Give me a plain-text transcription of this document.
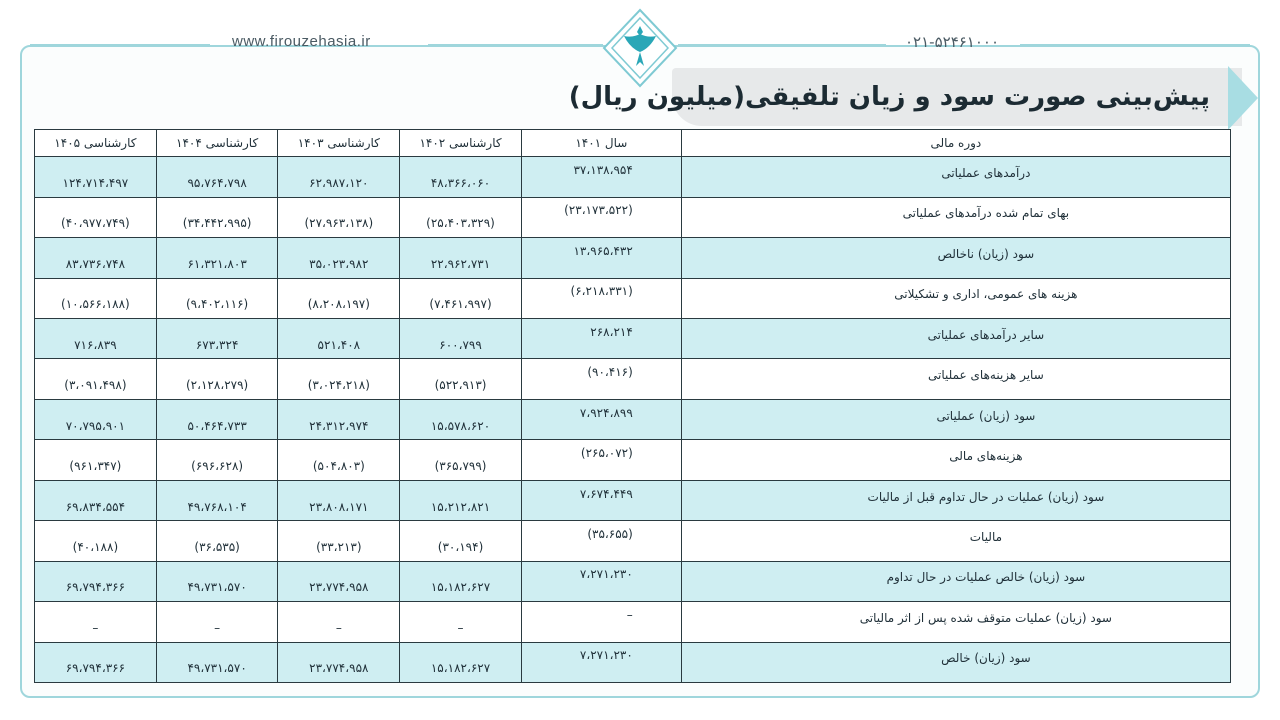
www.firouzehasia.ir	۰۲۱-۵۲۴۶۱۰۰۰
پیش‌بینی صورت سود و زیان تلفیقی(میلیون ریال)
دوره مالی	سال ۱۴۰۱	کارشناسی ۱۴۰۲	کارشناسی ۱۴۰۳	کارشناسی ۱۴۰۴	کارشناسی ۱۴۰۵

درآمدهای عملیاتی	۳۷،۱۳۸،۹۵۴	۴۸،۳۶۶،۰۶۰	۶۲،۹۸۷،۱۲۰	۹۵،۷۶۴،۷۹۸	۱۲۴،۷۱۴،۴۹۷

بهای تمام شده درآمدهای عملیاتی	(۲۳،۱۷۳،۵۲۲)	(۲۵،۴۰۳،۳۲۹)	(۲۷،۹۶۳،۱۳۸)	(۳۴،۴۴۲،۹۹۵)	(۴۰،۹۷۷،۷۴۹)

سود (زیان) ناخالص	۱۳،۹۶۵،۴۳۲	۲۲،۹۶۲،۷۳۱	۳۵،۰۲۳،۹۸۲	۶۱،۳۲۱،۸۰۳	۸۳،۷۳۶،۷۴۸

هزینه های عمومی، اداری و تشکیلاتی	(۶،۲۱۸،۳۳۱)	(۷،۴۶۱،۹۹۷)	(۸،۲۰۸،۱۹۷)	(۹،۴۰۲،۱۱۶)	(۱۰،۵۶۶،۱۸۸)

سایر درآمدهای عملیاتی	۲۶۸،۲۱۴	۶۰۰،۷۹۹	۵۲۱،۴۰۸	۶۷۳،۳۲۴	۷۱۶،۸۳۹

سایر هزینه‌های عملیاتی	(۹۰،۴۱۶)	(۵۲۲،۹۱۳)	(۳،۰۲۴،۲۱۸)	(۲،۱۲۸،۲۷۹)	(۳،۰۹۱،۴۹۸)

سود (زیان) عملیاتی	۷،۹۲۴،۸۹۹	۱۵،۵۷۸،۶۲۰	۲۴،۳۱۲،۹۷۴	۵۰،۴۶۴،۷۳۳	۷۰،۷۹۵،۹۰۱

هزینه‌های مالی	(۲۶۵،۰۷۲)	(۳۶۵،۷۹۹)	(۵۰۴،۸۰۳)	(۶۹۶،۶۲۸)	(۹۶۱،۳۴۷)

سود (زیان) عملیات در حال تداوم قبل از مالیات	۷،۶۷۴،۴۴۹	۱۵،۲۱۲،۸۲۱	۲۳،۸۰۸،۱۷۱	۴۹،۷۶۸،۱۰۴	۶۹،۸۳۴،۵۵۴

مالیات	(۳۵،۶۵۵)	(۳۰،۱۹۴)	(۳۳،۲۱۳)	(۳۶،۵۳۵)	(۴۰،۱۸۸)

سود (زیان) خالص عملیات در حال تداوم	۷،۲۷۱،۲۳۰	۱۵،۱۸۲،۶۲۷	۲۳،۷۷۴،۹۵۸	۴۹،۷۳۱،۵۷۰	۶۹،۷۹۴،۳۶۶

سود (زیان) عملیات متوقف شده پس از اثر مالیاتی	–	–	–	–	–

سود (زیان) خالص	۷،۲۷۱،۲۳۰	۱۵،۱۸۲،۶۲۷	۲۳،۷۷۴،۹۵۸	۴۹،۷۳۱،۵۷۰	۶۹،۷۹۴،۳۶۶
